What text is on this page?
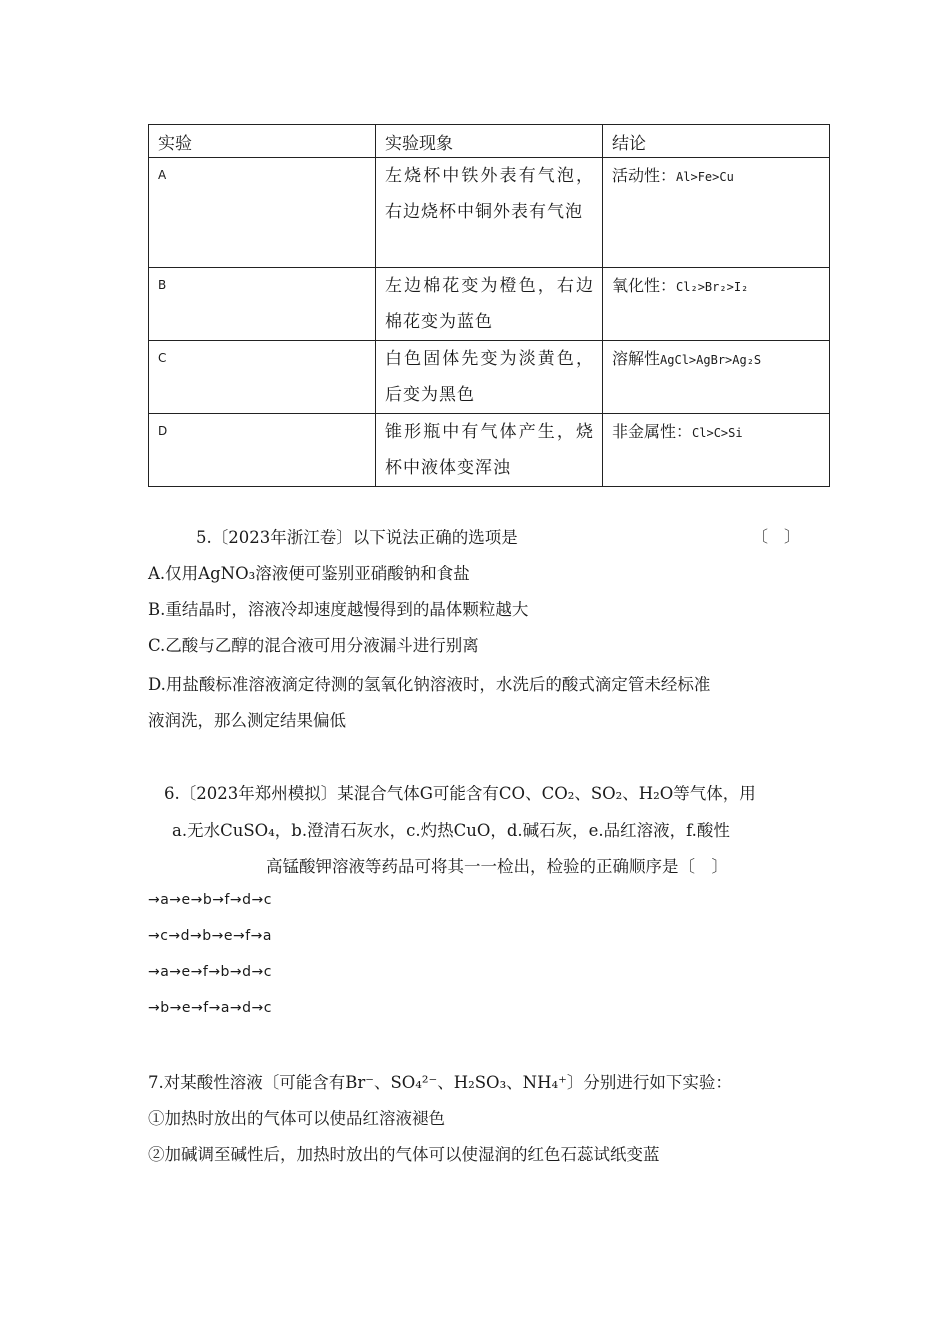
实验	实验现象	结论

A	左烧杯中铁外表有气泡，右边烧杯中铜外表有气泡	活动性：Al>Fe>Cu

B	左边棉花变为橙色，右边棉花变为蓝色	氧化性：Cl₂>Br₂>I₂

C	白色固体先变为淡黄色，后变为黑色	溶解性AgCl>AgBr>Ag₂S

D	锥形瓶中有气体产生，烧杯中液体变浑浊	非金属性：Cl>C>Si
5.〔2023年浙江卷〕以下说法正确的选项是	〔　〕
A.仅用AgNO₃溶液便可鉴别亚硝酸钠和食盐
B.重结晶时，溶液冷却速度越慢得到的晶体颗粒越大
C.乙酸与乙醇的混合液可用分液漏斗进行别离
D.用盐酸标准溶液滴定待测的氢氧化钠溶液时，水洗后的酸式滴定管未经标准
液润洗，那么测定结果偏低
6.〔2023年郑州模拟〕某混合气体G可能含有CO、CO₂、SO₂、H₂O等气体，用
a.无水CuSO₄，b.澄清石灰水，c.灼热CuO，d.碱石灰，e.品红溶液，f.酸性
高锰酸钾溶液等药品可将其一一检出，检验的正确顺序是〔　〕
→a→e→b→f→d→c
→c→d→b→e→f→a
→a→e→f→b→d→c
→b→e→f→a→d→c
7.对某酸性溶液〔可能含有Br⁻、SO₄²⁻、H₂SO₃、NH₄⁺〕分别进行如下实验：
①加热时放出的气体可以使品红溶液褪色
②加碱调至碱性后，加热时放出的气体可以使湿润的红色石蕊试纸变蓝
